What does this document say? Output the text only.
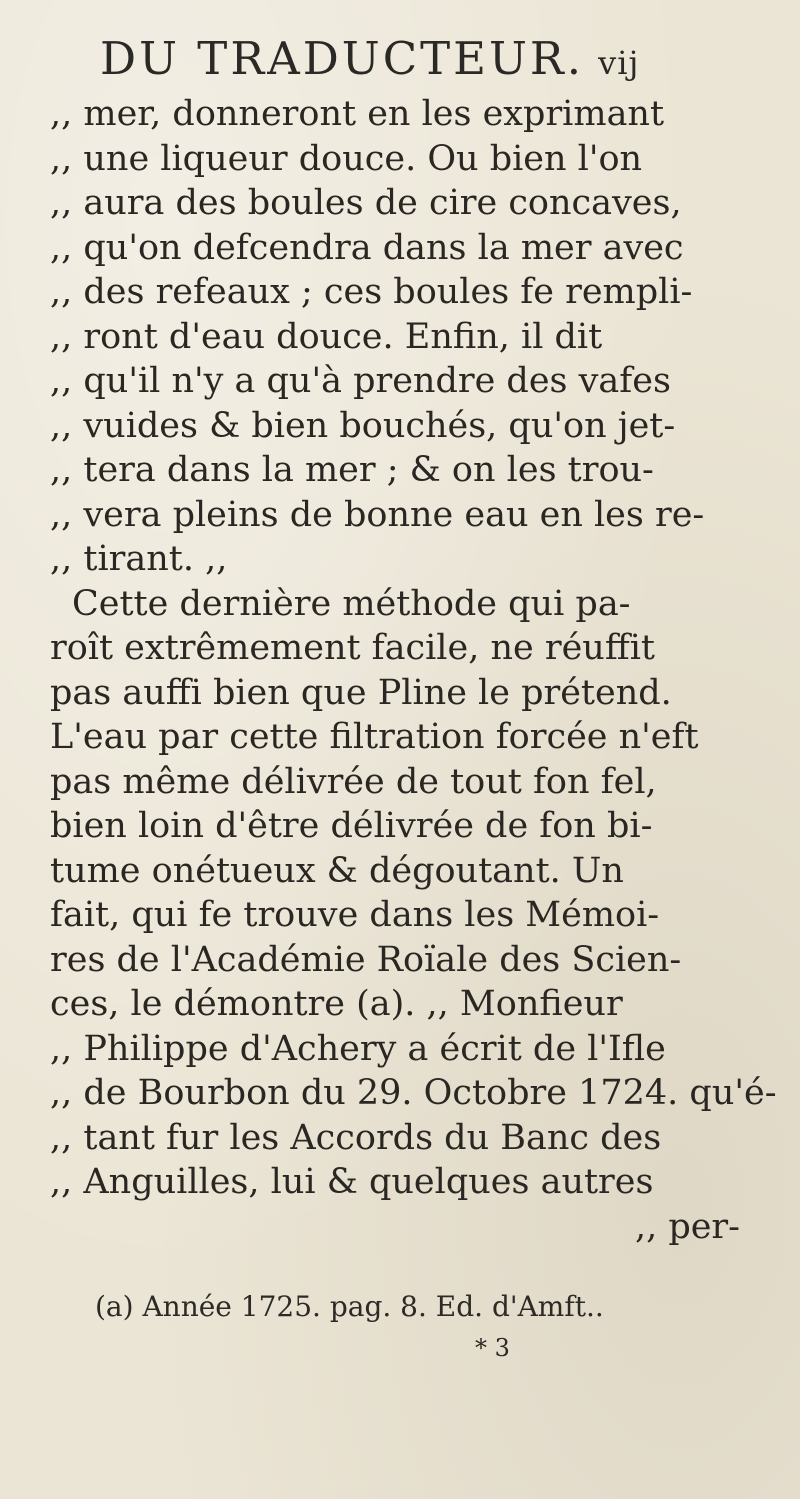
DU TRADUCTEUR. vij
,, mer, donneront en les exprimant
,, une liqueur douce. Ou bien l'on
,, aura des boules de cire concaves,
,, qu'on defcendra dans la mer avec
,, des refeaux ; ces boules fe rempli-
,, ront d'eau douce. Enfin, il dit
,, qu'il n'y a qu'à prendre des vafes
,, vuides & bien bouchés, qu'on jet-
,, tera dans la mer ; & on les trou-
,, vera pleins de bonne eau en les re-
,, tirant. ,,
Cette dernière méthode qui pa-
roît extrêmement facile, ne réuffit
pas auffi bien que Pline le prétend.
L'eau par cette filtration forcée n'eft
pas même délivrée de tout fon fel,
bien loin d'être délivrée de fon bi-
tume onétueux & dégoutant. Un
fait, qui fe trouve dans les Mémoi-
res de l'Académie Roïale des Scien-
ces, le démontre (a). ,, Monfieur
,, Philippe d'Achery a écrit de l'Ifle
,, de Bourbon du 29. Octobre 1724. qu'é-
,, tant fur les Accords du Banc des
,, Anguilles, lui & quelques autres
,, per-
(a) Année 1725. pag. 8. Ed. d'Amft..
* 3
